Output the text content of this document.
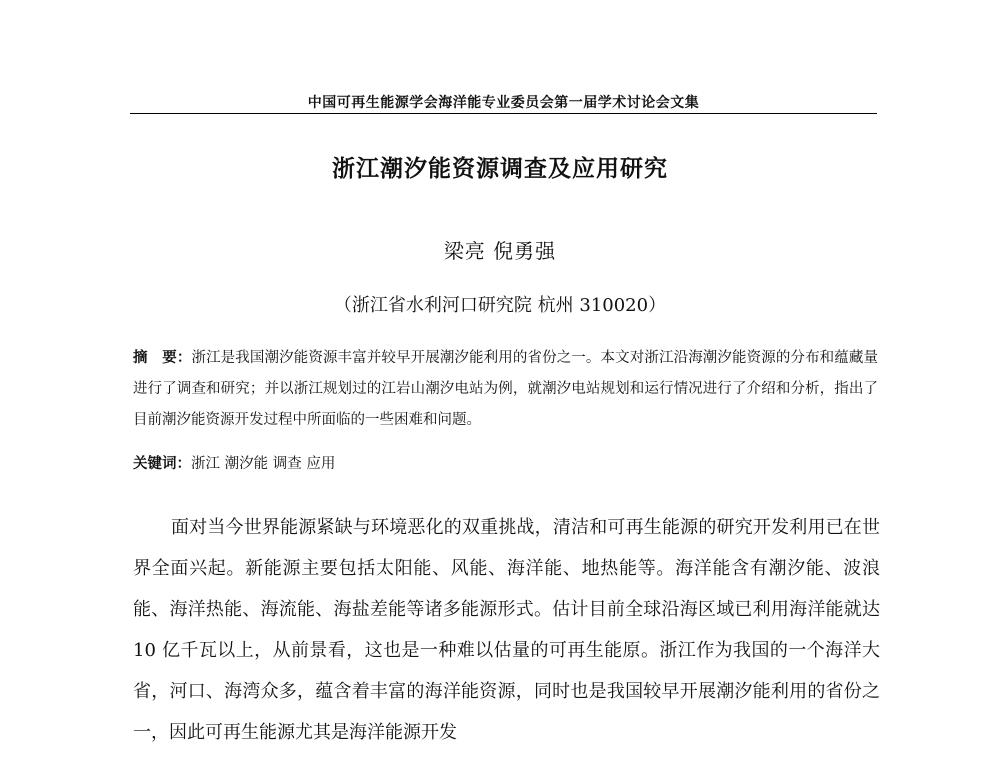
中国可再生能源学会海洋能专业委员会第一届学术讨论会文集
浙江潮汐能资源调查及应用研究
梁亮 倪勇强
（浙江省水利河口研究院 杭州 310020）
摘　要：浙江是我国潮汐能资源丰富并较早开展潮汐能利用的省份之一。本文对浙江沿海潮汐能资源的分布和蕴藏量进行了调查和研究；并以浙江规划过的江岩山潮汐电站为例，就潮汐电站规划和运行情况进行了介绍和分析，指出了目前潮汐能资源开发过程中所面临的一些困难和问题。
关键词：浙江 潮汐能 调查 应用

面对当今世界能源紧缺与环境恶化的双重挑战，清洁和可再生能源的研究开发利用已在世界全面兴起。新能源主要包括太阳能、风能、海洋能、地热能等。海洋能含有潮汐能、波浪能、海洋热能、海流能、海盐差能等诸多能源形式。估计目前全球沿海区域已利用海洋能就达 10 亿千瓦以上，从前景看，这也是一种难以估量的可再生能原。浙江作为我国的一个海洋大省，河口、海湾众多，蕴含着丰富的海洋能资源，同时也是我国较早开展潮汐能利用的省份之一，因此可再生能源尤其是海洋能源开发
